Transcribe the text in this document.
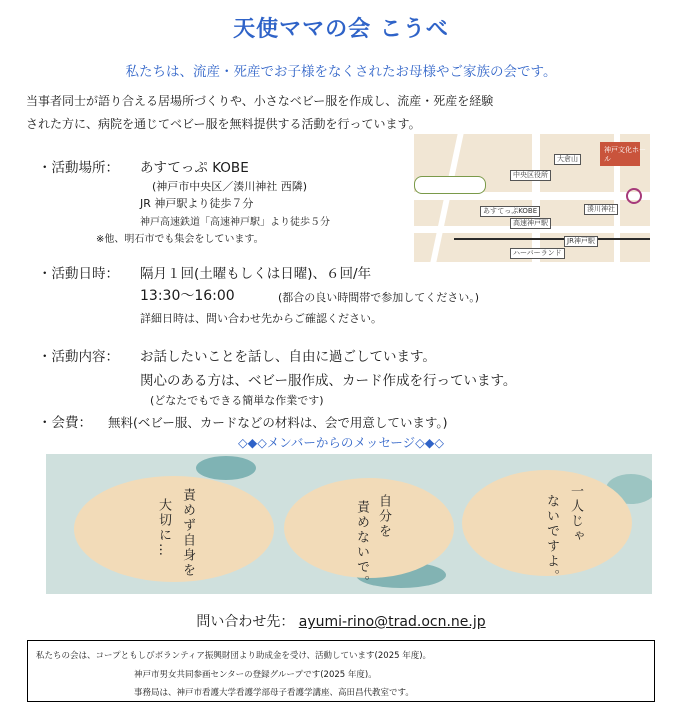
天使ママの会 こうべ
私たちは、流産・死産でお子様をなくされたお母様やご家族の会です。
当事者同士が語り合える居場所づくりや、小さなベビー服を作成し、流産・死産を経験
された方に、病院を通じてベビー服を無料提供する活動を行っています。
・活動場所： あすてっぷ KOBE
(神戸市中央区／湊川神社 西隣)
JR 神戸駅より徒歩７分
神戸高速鉄道「高速神戸駅」より徒歩５分
※他、明石市でも集会をしています。
神戸文化ホール
大倉山
中央区役所
湊川神社
あすてっぷKOBE
高速神戸駅
JR神戸駅
ハーバーランド
・活動日時： 隔月１回(土曜もしくは日曜)、６回/年
13:30～16:00	(都合の良い時間帯で参加してください。)
詳細日時は、問い合わせ先からご確認ください。
・活動内容： お話したいことを話し、自由に過ごしています。
関心のある方は、ベビー服作成、カード作成を行っています。
(どなたでもできる簡単な作業です)
・会費： 無料(ベビー服、カードなどの材料は、会で用意しています。)
◇◆◇メンバーからのメッセージ◇◆◇
責めず自身を
大切に…	自分を
責めないで。	一人じゃ
ないですよ。
問い合わせ先： ayumi-rino@trad.ocn.ne.jp
私たちの会は、コープともしびボランティア振興財団より助成金を受け、活動しています(2025 年度)。
神戸市男女共同参画センターの登録グループです(2025 年度)。
事務局は、神戸市看護大学看護学部母子看護学講座、高田昌代教室です。
